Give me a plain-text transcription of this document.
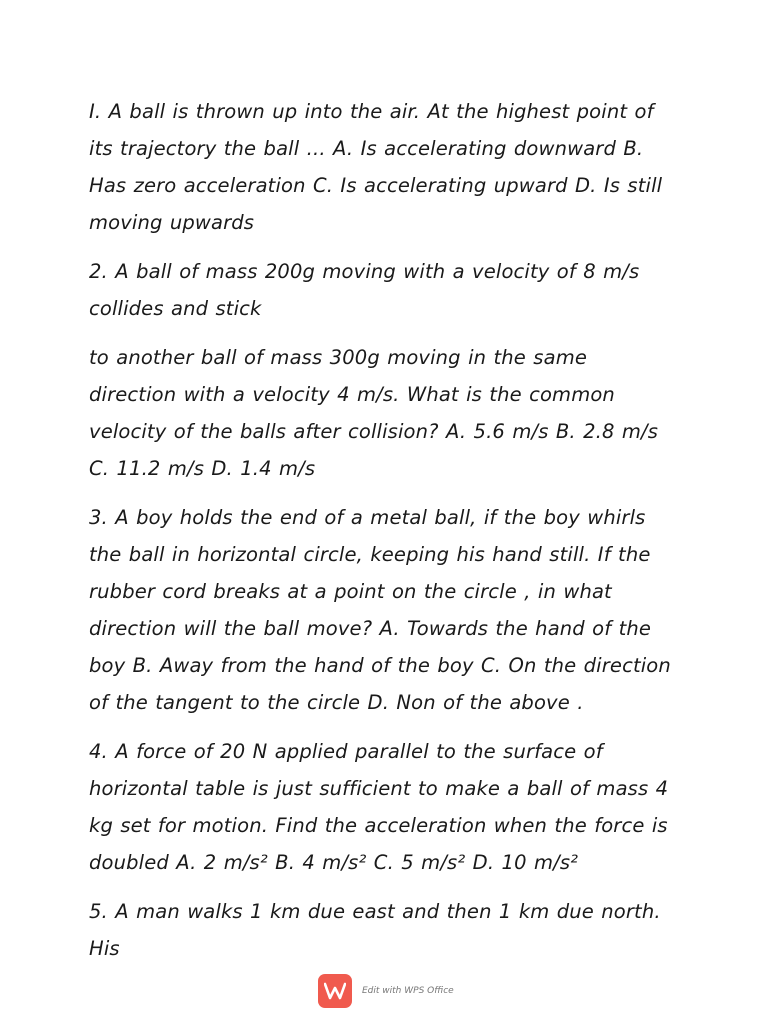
I. A ball is thrown up into the air. At the highest point of its trajectory the ball ... A. Is accelerating downward B. Has zero acceleration C. Is accelerating upward D. Is still moving upwards

2. A ball of mass 200g moving with a velocity of 8 m/s collides and stick

to another ball of mass 300g moving in the same direction with a velocity 4 m/s. What is the common velocity of the balls after collision? A. 5.6 m/s B. 2.8 m/s C. 11.2 m/s D. 1.4 m/s

3. A boy holds the end of a metal ball, if the boy whirls the ball in horizontal circle, keeping his hand still. If the rubber cord breaks at a point on the circle , in what direction will the ball move? A. Towards the hand of the boy B. Away from the hand of the boy C. On the direction of the tangent to the circle D. Non of the above .

4. A force of 20 N applied parallel to the surface of horizontal table is just sufficient to make a ball of mass 4 kg set for motion. Find the acceleration when the force is doubled A. 2 m/s² B. 4 m/s² C. 5 m/s² D. 10 m/s²

5. A man walks 1 km due east and then 1 km due north. His

Edit with WPS Office
